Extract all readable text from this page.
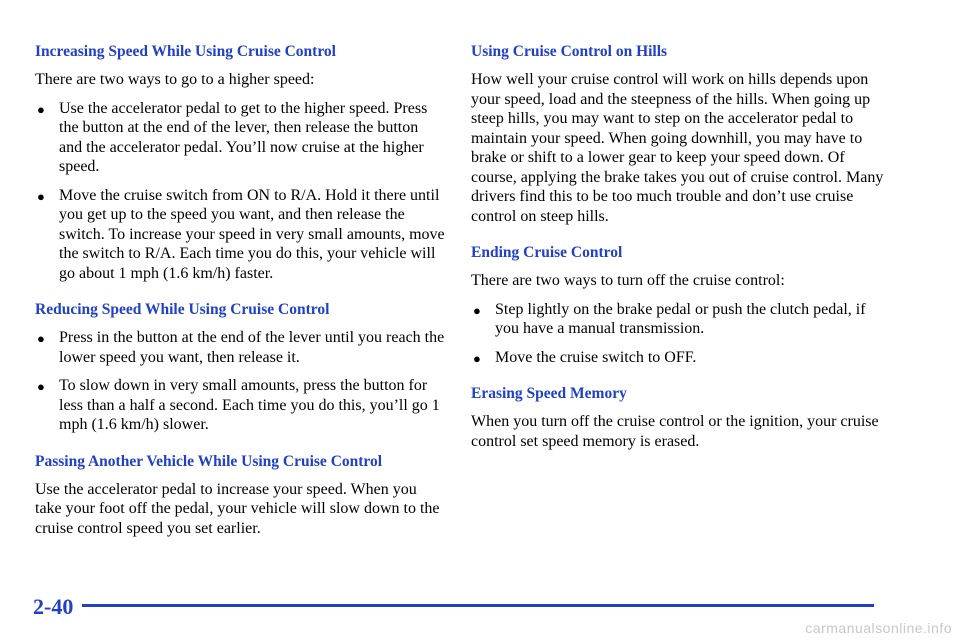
Increasing Speed While Using Cruise Control
There are two ways to go to a higher speed:
● Use the accelerator pedal to get to the higher speed. Press the button at the end of the lever, then release the button and the accelerator pedal. You’ll now cruise at the higher speed.
● Move the cruise switch from ON to R/A. Hold it there until you get up to the speed you want, and then release the switch. To increase your speed in very small amounts, move the switch to R/A. Each time you do this, your vehicle will go about 1 mph (1.6 km/h) faster.
Reducing Speed While Using Cruise Control
● Press in the button at the end of the lever until you reach the lower speed you want, then release it.
● To slow down in very small amounts, press the button for less than a half a second. Each time you do this, you’ll go 1 mph (1.6 km/h) slower.
Passing Another Vehicle While Using Cruise Control
Use the accelerator pedal to increase your speed. When you take your foot off the pedal, your vehicle will slow down to the cruise control speed you set earlier.
Using Cruise Control on Hills
How well your cruise control will work on hills depends upon your speed, load and the steepness of the hills. When going up steep hills, you may want to step on the accelerator pedal to maintain your speed. When going downhill, you may have to brake or shift to a lower gear to keep your speed down. Of course, applying the brake takes you out of cruise control. Many drivers find this to be too much trouble and don’t use cruise control on steep hills.
Ending Cruise Control
There are two ways to turn off the cruise control:
● Step lightly on the brake pedal or push the clutch pedal, if you have a manual transmission.
● Move the cruise switch to OFF.
Erasing Speed Memory
When you turn off the cruise control or the ignition, your cruise control set speed memory is erased.
2-40
carmanualsonline.info
